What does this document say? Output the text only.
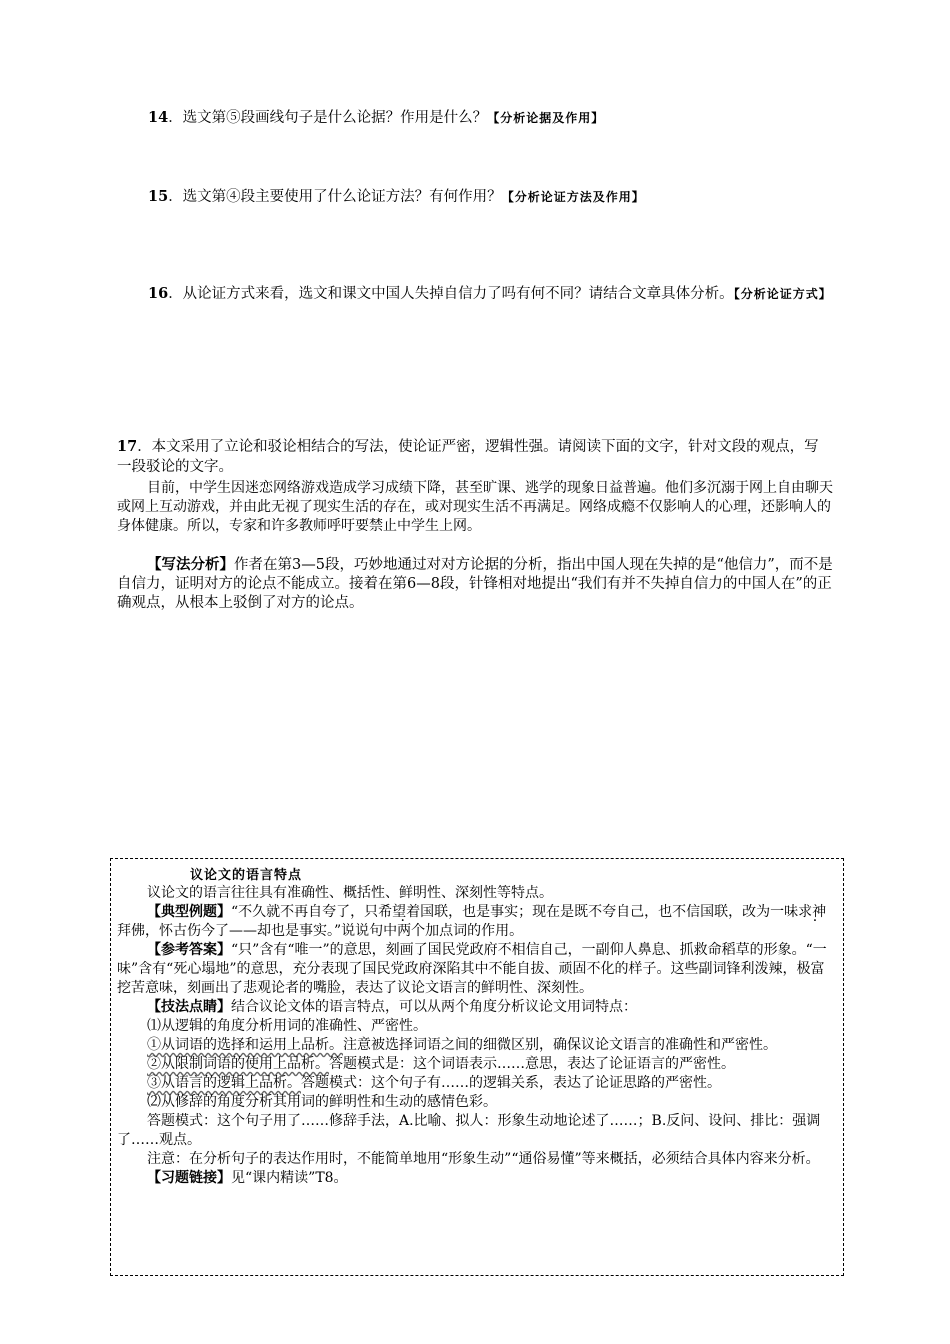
14．选文第⑤段画线句子是什么论据？作用是什么？【分析论据及作用】
15．选文第④段主要使用了什么论证方法？有何作用？【分析论证方法及作用】
16．从论证方式来看，选文和课文中国人失掉自信力了吗有何不同？请结合文章具体分析。【分析论证方式】
17．本文采用了立论和驳论相结合的写法，使论证严密，逻辑性强。请阅读下面的文字，针对文段的观点，写一段驳论的文字。

目前，中学生因迷恋网络游戏造成学习成绩下降，甚至旷课、逃学的现象日益普遍。他们多沉溺于网上自由聊天或网上互动游戏，并由此无视了现实生活的存在，或对现实生活不再满足。网络成瘾不仅影响人的心理，还影响人的身体健康。所以，专家和许多教师呼吁要禁止中学生上网。

【写法分析】作者在第3—5段，巧妙地通过对对方论据的分析，指出中国人现在失掉的是“他信力”，而不是自信力，证明对方的论点不能成立。接着在第6—8段，针锋相对地提出“我们有并不失掉自信力的中国人在”的正确观点，从根本上驳倒了对方的论点。

议论文的语言特点

议论文的语言往往具有准确性、概括性、鲜明性、深刻性等特点。

【典型例题】“不久就不再自夸了，只 ·希望着国联，也是事实；现在是既不夸自己，也不信国联，改为一味 ·求神拜佛，怀古伤今了——却也是事实。”说说句中两个加点词的作用。

【参考答案】“只”含有“唯一”的意思，刻画了国民党政府不相信自己，一副仰人鼻息、抓救命稻草的形象。“一味”含有“死心塌地”的意思，充分表现了国民党政府深陷其中不能自拔、顽固不化的样子。这些副词锋利泼辣，极富挖苦意味，刻画出了悲观论者的嘴脸，表达了议论文语言的鲜明性、深刻性。

【技法点睛】结合议论文体的语言特点，可以从两个角度分析议论文用词特点：

⑴从逻辑的角度分析用词的准确性、严密性。

①从词语的选择和运用上品析。注意被选择词语之间的细微区别，确保议论文语言的准确性和严密性。

②从限制词语的使用上品析。答题模式是：这个词语表示……意思，表达了论证语言的严密性。

③从语言的逻辑上品析。答题模式：这个句子有……的逻辑关系，表达了论证思路的严密性。

⑵从修辞的角度分析其用词的鲜明性和生动的感情色彩。

答题模式：这个句子用了……修辞手法，A.比喻、拟人：形象生动地论述了……；B.反问、设问、排比：强调了……观点。

注意：在分析句子的表达作用时，不能简单地用“形象生动”“通俗易懂”等来概括，必须结合具体内容来分析。

【习题链接】见“课内精读”T8。
